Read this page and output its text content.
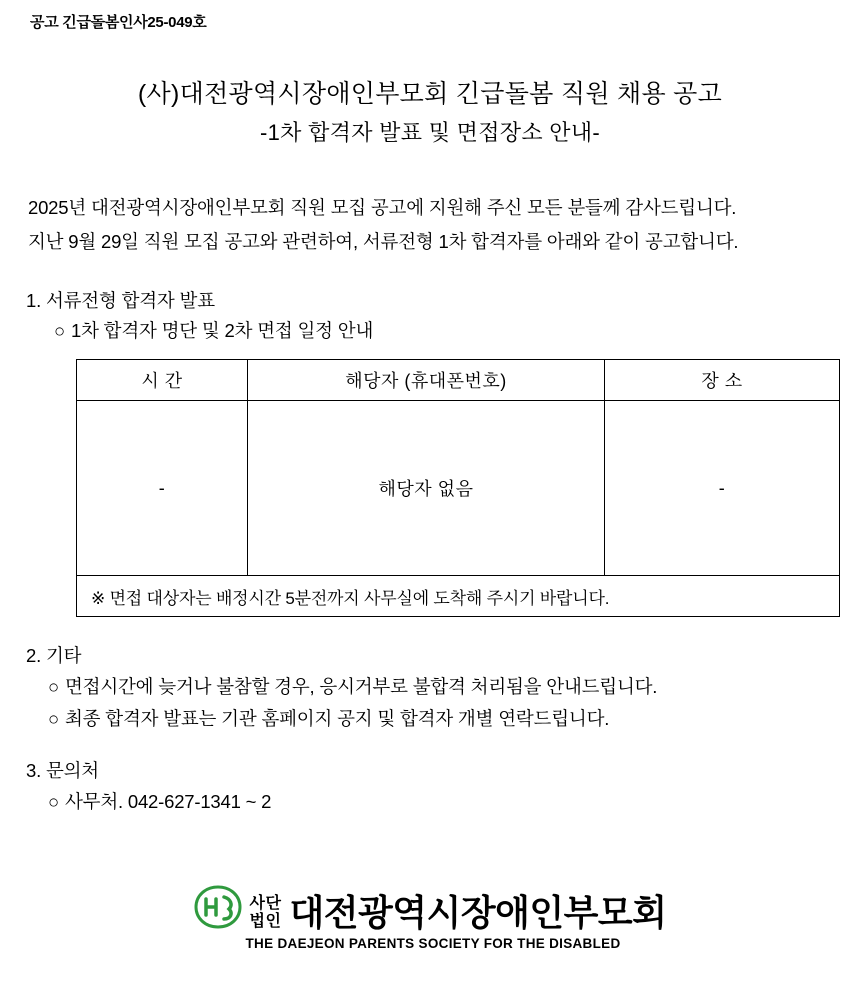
공고 긴급돌봄인사25-049호
(사)대전광역시장애인부모회 긴급돌봄 직원 채용 공고
-1차 합격자 발표 및 면접장소 안내-

2025년 대전광역시장애인부모회 직원 모집 공고에 지원해 주신 모든 분들께 감사드립니다.

지난 9월 29일 직원 모집 공고와 관련하여, 서류전형 1차 합격자를 아래와 같이 공고합니다.

1. 서류전형 합격자 발표
○ 1차 합격자 명단 및 2차 면접 일정 안내
시 간	해당자 (휴대폰번호)	장 소
-	해당자 없음	-
※ 면접 대상자는 배정시간 5분전까지 사무실에 도착해 주시기 바랍니다.		
2. 기타
○ 면접시간에 늦거나 불참할 경우, 응시거부로 불합격 처리됨을 안내드립니다.
○ 최종 합격자 발표는 기관 홈페이지 공지 및 합격자 개별 연락드립니다.
3. 문의처
○ 사무처. 042-627-1341 ~ 2
사단
법인 대전광역시장애인부모회
THE DAEJEON PARENTS SOCIETY FOR THE DISABLED
